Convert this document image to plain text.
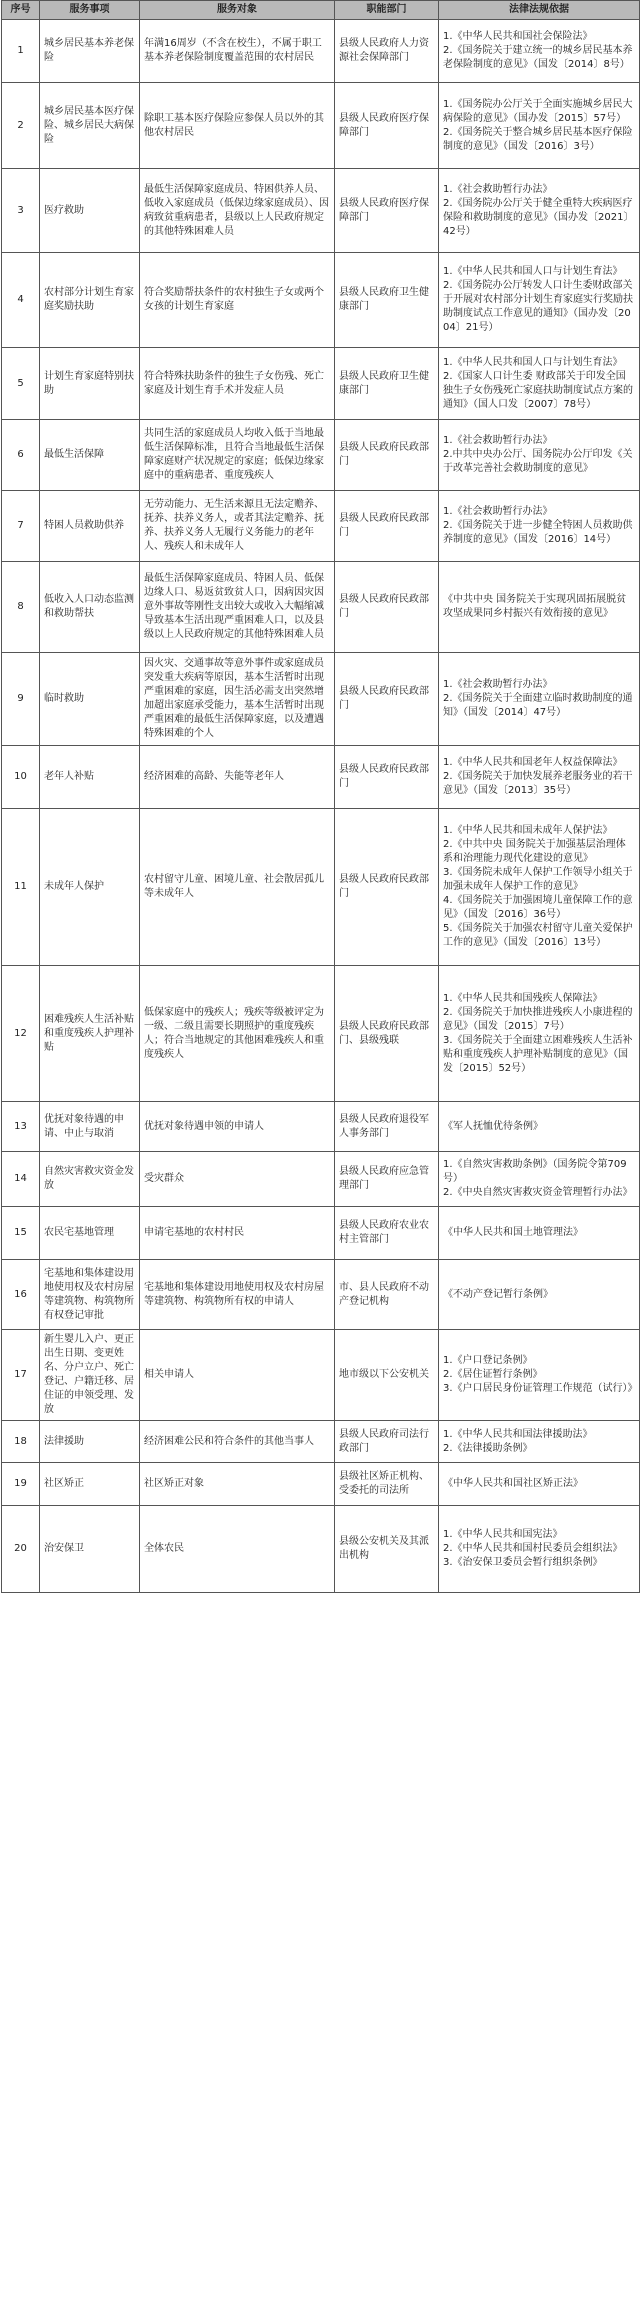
序号	服务事项	服务对象	职能部门	法律法规依据
1	城乡居民基本养老保险	年满16周岁（不含在校生），不属于职工基本养老保险制度覆盖范围的农村居民	县级人民政府人力资源社会保障部门	1.《中华人民共和国社会保险法》
2.《国务院关于建立统一的城乡居民基本养老保险制度的意见》（国发〔2014〕8号）

2	城乡居民基本医疗保险、城乡居民大病保险	除职工基本医疗保险应参保人员以外的其他农村居民	县级人民政府医疗保障部门	1.《国务院办公厅关于全面实施城乡居民大病保险的意见》（国办发〔2015〕57号）
2.《国务院关于整合城乡居民基本医疗保险制度的意见》（国发〔2016〕3号）

3	医疗救助	最低生活保障家庭成员、特困供养人员、低收入家庭成员（低保边缘家庭成员）、因病致贫重病患者，县级以上人民政府规定的其他特殊困难人员	县级人民政府医疗保障部门	1.《社会救助暂行办法》
2.《国务院办公厅关于健全重特大疾病医疗保险和救助制度的意见》（国办发〔2021〕42号）

4	农村部分计划生育家庭奖励扶助	符合奖励帮扶条件的农村独生子女或两个女孩的计划生育家庭	县级人民政府卫生健康部门	1.《中华人民共和国人口与计划生育法》
2.《国务院办公厅转发人口计生委财政部关于开展对农村部分计划生育家庭实行奖励扶助制度试点工作意见的通知》（国办发〔2004〕21号）

5	计划生育家庭特别扶助	符合特殊扶助条件的独生子女伤残、死亡家庭及计划生育手术并发症人员	县级人民政府卫生健康部门	1.《中华人民共和国人口与计划生育法》
2.《国家人口计生委 财政部关于印发全国独生子女伤残死亡家庭扶助制度试点方案的通知》（国人口发〔2007〕78号）

6	最低生活保障	共同生活的家庭成员人均收入低于当地最低生活保障标准，且符合当地最低生活保障家庭财产状况规定的家庭；低保边缘家庭中的重病患者、重度残疾人	县级人民政府民政部门	1.《社会救助暂行办法》
2.中共中央办公厅、国务院办公厅印发《关于改革完善社会救助制度的意见》

7	特困人员救助供养	无劳动能力、无生活来源且无法定赡养、抚养、扶养义务人，或者其法定赡养、抚养、扶养义务人无履行义务能力的老年人、残疾人和未成年人	县级人民政府民政部门	1.《社会救助暂行办法》
2.《国务院关于进一步健全特困人员救助供养制度的意见》（国发〔2016〕14号）

8	低收入人口动态监测和救助帮扶	最低生活保障家庭成员、特困人员、低保边缘人口、易返贫致贫人口，因病因灾因意外事故等刚性支出较大或收入大幅缩减导致基本生活出现严重困难人口，以及县级以上人民政府规定的其他特殊困难人员	县级人民政府民政部门	《中共中央 国务院关于实现巩固拓展脱贫攻坚成果同乡村振兴有效衔接的意见》

9	临时救助	因火灾、交通事故等意外事件或家庭成员突发重大疾病等原因，基本生活暂时出现严重困难的家庭，因生活必需支出突然增加超出家庭承受能力，基本生活暂时出现严重困难的最低生活保障家庭，以及遭遇特殊困难的个人	县级人民政府民政部门	1.《社会救助暂行办法》
2.《国务院关于全面建立临时救助制度的通知》（国发〔2014〕47号）

10	老年人补贴	经济困难的高龄、失能等老年人	县级人民政府民政部门	1.《中华人民共和国老年人权益保障法》
2.《国务院关于加快发展养老服务业的若干意见》（国发〔2013〕35号）

11	未成年人保护	农村留守儿童、困境儿童、社会散居孤儿等未成年人	县级人民政府民政部门	1.《中华人民共和国未成年人保护法》
2.《中共中央 国务院关于加强基层治理体系和治理能力现代化建设的意见》
3.《国务院未成年人保护工作领导小组关于加强未成年人保护工作的意见》
4.《国务院关于加强困境儿童保障工作的意见》（国发〔2016〕36号）
5.《国务院关于加强农村留守儿童关爱保护工作的意见》（国发〔2016〕13号）

12	困难残疾人生活补贴和重度残疾人护理补贴	低保家庭中的残疾人；残疾等级被评定为一级、二级且需要长期照护的重度残疾人；符合当地规定的其他困难残疾人和重度残疾人	县级人民政府民政部门、县级残联	1.《中华人民共和国残疾人保障法》
2.《国务院关于加快推进残疾人小康进程的意见》（国发〔2015〕7号）
3.《国务院关于全面建立困难残疾人生活补贴和重度残疾人护理补贴制度的意见》（国发〔2015〕52号）

13	优抚对象待遇的申请、中止与取消	优抚对象待遇申领的申请人	县级人民政府退役军人事务部门	《军人抚恤优待条例》

14	自然灾害救灾资金发放	受灾群众	县级人民政府应急管理部门	1.《自然灾害救助条例》（国务院令第709号）
2.《中央自然灾害救灾资金管理暂行办法》

15	农民宅基地管理	申请宅基地的农村村民	县级人民政府农业农村主管部门	《中华人民共和国土地管理法》

16	宅基地和集体建设用地使用权及农村房屋等建筑物、构筑物所有权登记审批	宅基地和集体建设用地使用权及农村房屋等建筑物、构筑物所有权的申请人	市、县人民政府不动产登记机构	《不动产登记暂行条例》

17	新生婴儿入户、更正出生日期、变更姓名、分户立户、死亡登记、户籍迁移、居住证的申领受理、发放	相关申请人	地市级以下公安机关	1.《户口登记条例》
2.《居住证暂行条例》
3.《户口居民身份证管理工作规范（试行）》

18	法律援助	经济困难公民和符合条件的其他当事人	县级人民政府司法行政部门	1.《中华人民共和国法律援助法》
2.《法律援助条例》

19	社区矫正	社区矫正对象	县级社区矫正机构、受委托的司法所	《中华人民共和国社区矫正法》

20	治安保卫	全体农民	县级公安机关及其派出机构	1.《中华人民共和国宪法》
2.《中华人民共和国村民委员会组织法》
3.《治安保卫委员会暂行组织条例》
